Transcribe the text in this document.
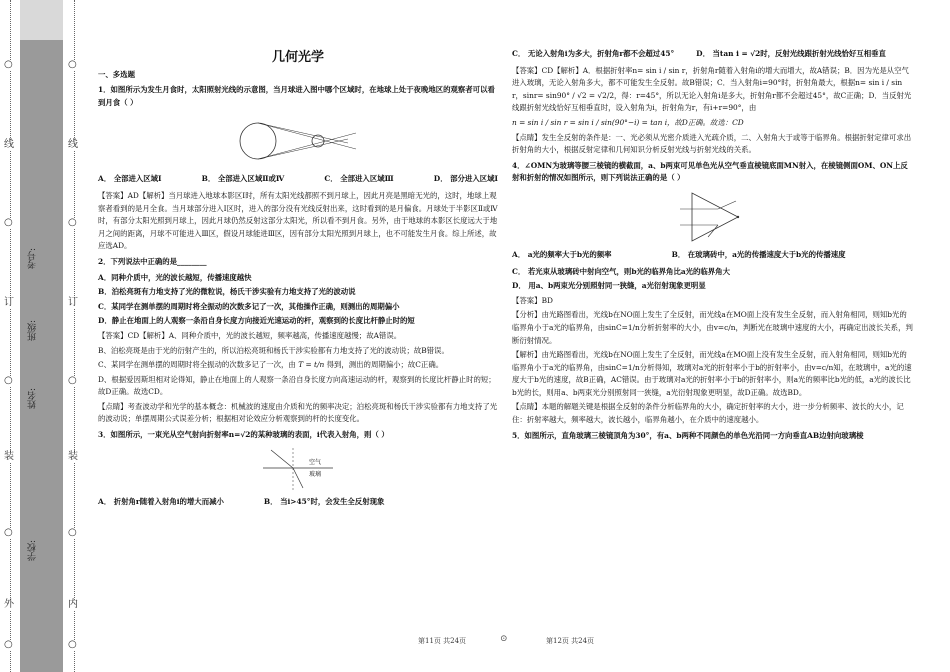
○
线
○
订
○
装
○
外
○
学校:
姓名:
班级:
考号:
○
线
○
订
○
装
○
内
○
几何光学
一、多选题
1．如图所示为发生月食时，太阳照射光线的示意图，当月球进入图中哪个区域时，在地球上处于夜晚地区的观察者可以看到月食（ ）
A． 全部进入区域Ⅰ	B． 全部进入区域Ⅱ或Ⅳ	C． 全部进入区域Ⅲ	D． 部分进入区域Ⅰ
【答案】AD【解析】当月球进入地球本影区Ⅰ时，所有太阳光线都照不到月球上，因此月亮是黑暗无光的，这时，地球上观察者看到的是月全食。当月球部分进入Ⅰ区时，进入的部分没有光线反射出来，这时看到的是月偏食。月球处于半影区Ⅱ或Ⅳ时，有部分太阳光照到月球上，因此月球仍然反射这部分太阳光，所以看不到月食。另外，由于地球的本影区长度远大于地月之间的距离，月球不可能进入Ⅲ区，假设月球能进Ⅲ区，因有部分太阳光照到月球上，也不可能发生月食。综上所述，故应选AD。
2．下列说法中正确的是________
A．同种介质中，光的波长越短，传播速度越快
B．泊松亮斑有力地支持了光的微粒说，杨氏干涉实验有力地支持了光的波动说
C．某同学在测单摆的周期时将全振动的次数多记了一次，其他操作正确，则测出的周期偏小
D．静止在地面上的人观察一条沿自身长度方向接近光速运动的杆，观察到的长度比杆静止时的短
【答案】CD【解析】A、同种介质中，光的波长越短，频率越高，传播速度越慢；故A错误。
B、泊松亮斑是由于光的衍射产生的，所以泊松亮斑和杨氏干涉实验都有力地支持了光的波动说；故B错误。
C、某同学在测单摆的周期时将全振动的次数多记了一次，由 T = t/n 得到，测出的周期偏小；故C正确。
D、根据爱因斯坦相对论得知，静止在地面上的人观察一条沿自身长度方向高速运动的杆，观察到的长度比杆静止时的短；故D正确。故选CD。
【点睛】考查波动学和光学的基本概念：机械波的速度由介质和光的频率决定；泊松亮斑和杨氏干涉实验都有力地支持了光的波动说；单摆周期公式误差分析；根据相对论效应分析观察到的杆的长度变化。
3．如图所示，一束光从空气射向折射率n=√2的某种玻璃的表面，i代表入射角，则（ ）
空气
玻璃
A． 折射角r随着入射角i的增大而减小	B． 当i>45°时，会发生全反射现象
C． 无论入射角i为多大，折射角r都不会超过45°	D． 当tan i = √2时，反射光线跟折射光线恰好互相垂直
【答案】CD【解析】A．根据折射率n= sin i / sin r，折射角r随着入射角i的增大而增大，故A错误；B．因为光是从空气进入玻璃，无论入射角多大，都不可能发生全反射。故B错误；C．当入射角i=90°时，折射角最大，根据n= sin i / sin r，sinr= sin90° / √2 = √2/2，得：r=45°，所以无论入射角i是多大，折射角r都不会超过45°，故C正确；D．当反射光线跟折射光线恰好互相垂直时，设入射角为i，折射角为r，有i+r=90°，由
n = sin i / sin r = sin i / sin(90°−i) = tan i，故D正确。故选：CD
【点睛】发生全反射的条件是：一、光必须从光密介质进入光疏介质，二、入射角大于或等于临界角。根据折射定律可求出折射角的大小，根据反射定律和几何知识分析反射光线与折射光线的关系。
4．∠OMN为玻璃等腰三棱镜的横截面，a、b两束可见单色光从空气垂直棱镜底面MN射入，在棱镜侧面OM、ON上反射和折射的情况如图所示，则下列说法正确的是（ ）
A． a光的频率大于b光的频率	B． 在玻璃砖中，a光的传播速度大于b光的传播速度
C． 若光束从玻璃砖中射向空气，则b光的临界角比a光的临界角大
D． 用a、b两束光分别照射同一狭缝，a光衍射现象更明显
【答案】BD
【分析】由光路图看出，光线b在NO面上发生了全反射，而光线a在MO面上没有发生全反射，而入射角相同，则知b光的临界角小于a光的临界角，由sinC=1/n分析折射率的大小，由v=c/n，判断光在玻璃中速度的大小，再确定出波长关系，判断衍射情况。
【解析】由光路图看出，光线b在NO面上发生了全反射，而光线a在MO面上没有发生全反射，而入射角相同，则知b光的临界角小于a光的临界角，由sinC=1/n分析得知，玻璃对a光的折射率小于b的折射率小，由v=c/n知，在玻璃中，a光的速度大于b光的速度，故B正确，AC错误。由于玻璃对a光的折射率小于b的折射率小，则a光的频率比b光的低，a光的波长比b光的长，则用a、b两束光分别照射同一狭缝，a光衍射现象更明显，故D正确。故选BD。
【点睛】本题的解题关键是根据全反射的条件分析临界角的大小，确定折射率的大小，进一步分析频率、波长的大小，记住：折射率越大，频率越大，波长越小，临界角越小，在介质中的速度越小。
5．如图所示，直角玻璃三棱镜顶角为30°，有a、b两种不同颜色的单色光沿同一方向垂直AB边射向玻璃棱
第11页 共24页	⊙	第12页 共24页
